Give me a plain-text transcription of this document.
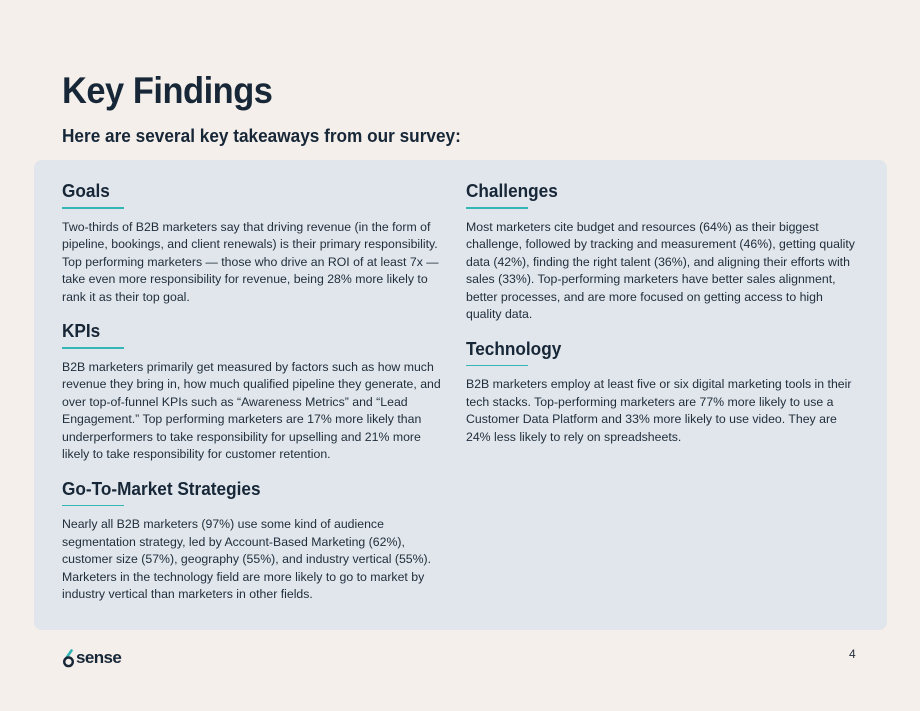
Key Findings
Here are several key takeaways from our survey:
Goals

Two-thirds of B2B marketers say that driving revenue (in the form of pipeline, bookings, and client renewals) is their primary responsibility. Top performing marketers — those who drive an ROI of at least 7x — take even more responsibility for revenue, being 28% more likely to rank it as their top goal.

KPIs

B2B marketers primarily get measured by factors such as how much revenue they bring in, how much qualified pipeline they generate, and over top-of-funnel KPIs such as “Awareness Metrics” and “Lead Engagement.” Top performing marketers are 17% more likely than underperformers to take responsibility for upselling and 21% more likely to take responsibility for customer retention.

Go-To-Market Strategies

Nearly all B2B marketers (97%) use some kind of audience segmentation strategy, led by Account-Based Marketing (62%), customer size (57%), geography (55%), and industry vertical (55%). Marketers in the technology field are more likely to go to market by industry vertical than marketers in other fields.

Challenges

Most marketers cite budget and resources (64%) as their biggest challenge, followed by tracking and measurement (46%), getting quality data (42%), finding the right talent (36%), and aligning their efforts with sales (33%). Top-performing marketers have better sales alignment, better processes, and are more focused on getting access to high quality data.

Technology

B2B marketers employ at least five or six digital marketing tools in their tech stacks. Top-performing marketers are 77% more likely to use a Customer Data Platform and 33% more likely to use video. They are 24% less likely to rely on spreadsheets.

sense	4
